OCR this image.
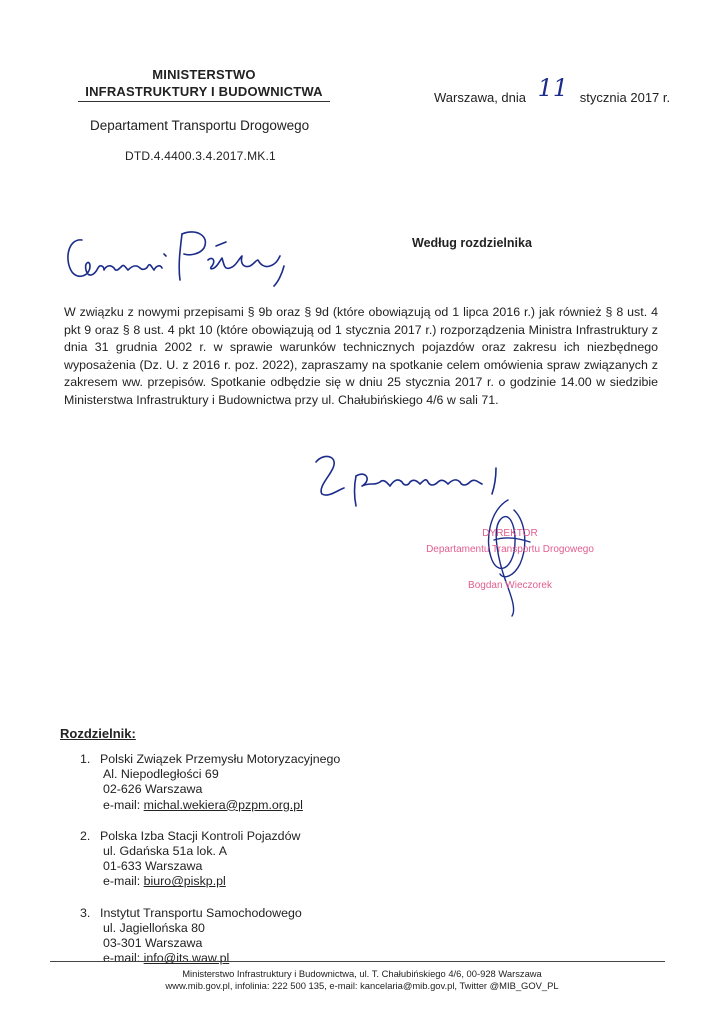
MINISTERSTWO

INFRASTRUKTURY I BUDOWNICTWA
Departament Transportu Drogowego
DTD.4.4400.3.4.2017.MK.1
Warszawa, dnia 11 stycznia 2017 r.
Szanowni Państwo,
Według rozdzielnika

W związku z nowymi przepisami § 9b oraz § 9d (które obowiązują od 1 lipca 2016 r.) jak również § 8 ust. 4 pkt 9 oraz § 8 ust. 4 pkt 10 (które obowiązują od 1 stycznia 2017 r.) rozporządzenia Ministra Infrastruktury z dnia 31 grudnia 2002 r. w sprawie warunków technicznych pojazdów oraz zakresu ich niezbędnego wyposażenia (Dz. U. z 2016 r. poz. 2022), zapraszamy na spotkanie celem omówienia spraw związanych z zakresem ww. przepisów. Spotkanie odbędzie się w dniu 25 stycznia 2017 r. o godzinie 14.00 w siedzibie Ministerstwa Infrastruktury i Budownictwa przy ul. Chałubińskiego 4/6 w sali 71.

Z poważaniem,
DYREKTOR
Departamentu Transportu Drogowego
Bogdan Wieczorek
Rozdzielnik:
1. Polski Związek Przemysłu Motoryzacyjnego
Al. Niepodległości 69
02-626 Warszawa
e-mail: michal.wekiera@pzpm.org.pl
2. Polska Izba Stacji Kontroli Pojazdów
ul. Gdańska 51a lok. A
01-633 Warszawa
e-mail: biuro@piskp.pl
3. Instytut Transportu Samochodowego
ul. Jagiellońska 80
03-301 Warszawa
e-mail: info@its.waw.pl
Ministerstwo Infrastruktury i Budownictwa, ul. T. Chałubińskiego 4/6, 00-928 Warszawa
www.mib.gov.pl, infolinia: 222 500 135, e-mail: kancelaria@mib.gov.pl, Twitter @MIB_GOV_PL
